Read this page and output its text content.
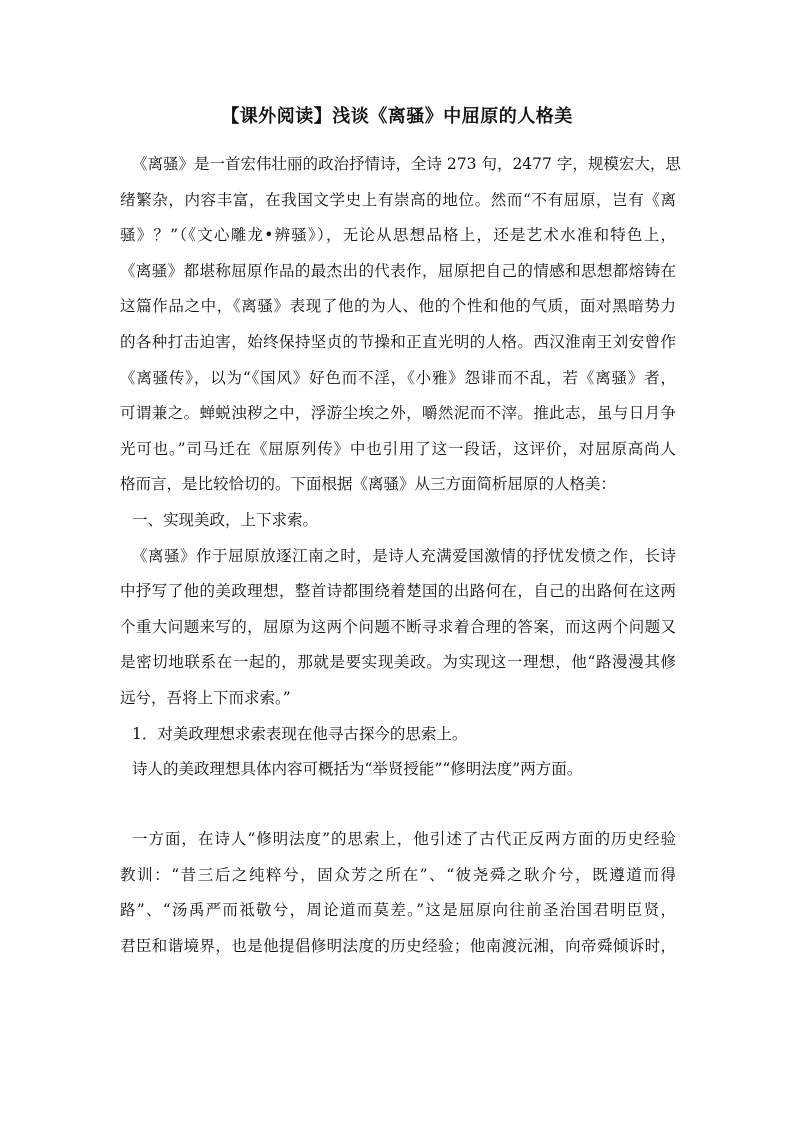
【课外阅读】浅谈《离骚》中屈原的人格美
《离骚》是一首宏伟壮丽的政治抒情诗，全诗 273 句，2477 字，规模宏大，思
绪繁杂，内容丰富，在我国文学史上有崇高的地位。然而“不有屈原，岂有《离
骚》？”（《文心雕龙•辨骚》），无论从思想品格上，还是艺术水准和特色上，
《离骚》都堪称屈原作品的最杰出的代表作，屈原把自己的情感和思想都熔铸在
这篇作品之中，《离骚》表现了他的为人、他的个性和他的气质，面对黑暗势力
的各种打击迫害，始终保持坚贞的节操和正直光明的人格。西汉淮南王刘安曾作
《离骚传》，以为“《国风》好色而不淫，《小雅》怨诽而不乱，若《离骚》者，
可谓兼之。蝉蜕浊秽之中，浮游尘埃之外，嚼然泥而不滓。推此志，虽与日月争
光可也。”司马迁在《屈原列传》中也引用了这一段话，这评价，对屈原高尚人
格而言，是比较恰切的。下面根据《离骚》从三方面简析屈原的人格美：
一、实现美政，上下求索。
《离骚》作于屈原放逐江南之时，是诗人充满爱国激情的抒忧发愤之作，长诗
中抒写了他的美政理想，整首诗都围绕着楚国的出路何在，自己的出路何在这两
个重大问题来写的，屈原为这两个问题不断寻求着合理的答案，而这两个问题又
是密切地联系在一起的，那就是要实现美政。为实现这一理想，他“路漫漫其修
远兮，吾将上下而求索。”
1．对美政理想求索表现在他寻古探今的思索上。
诗人的美政理想具体内容可概括为“举贤授能”“修明法度”两方面。
一方面，在诗人“修明法度”的思索上，他引述了古代正反两方面的历史经验
教训：“昔三后之纯粹兮，固众芳之所在”、“彼尧舜之耿介兮，既遵道而得
路”、“汤禹严而祗敬兮，周论道而莫差。”这是屈原向往前圣治国君明臣贤，
君臣和谐境界，也是他提倡修明法度的历史经验；他南渡沅湘，向帝舜倾诉时，
